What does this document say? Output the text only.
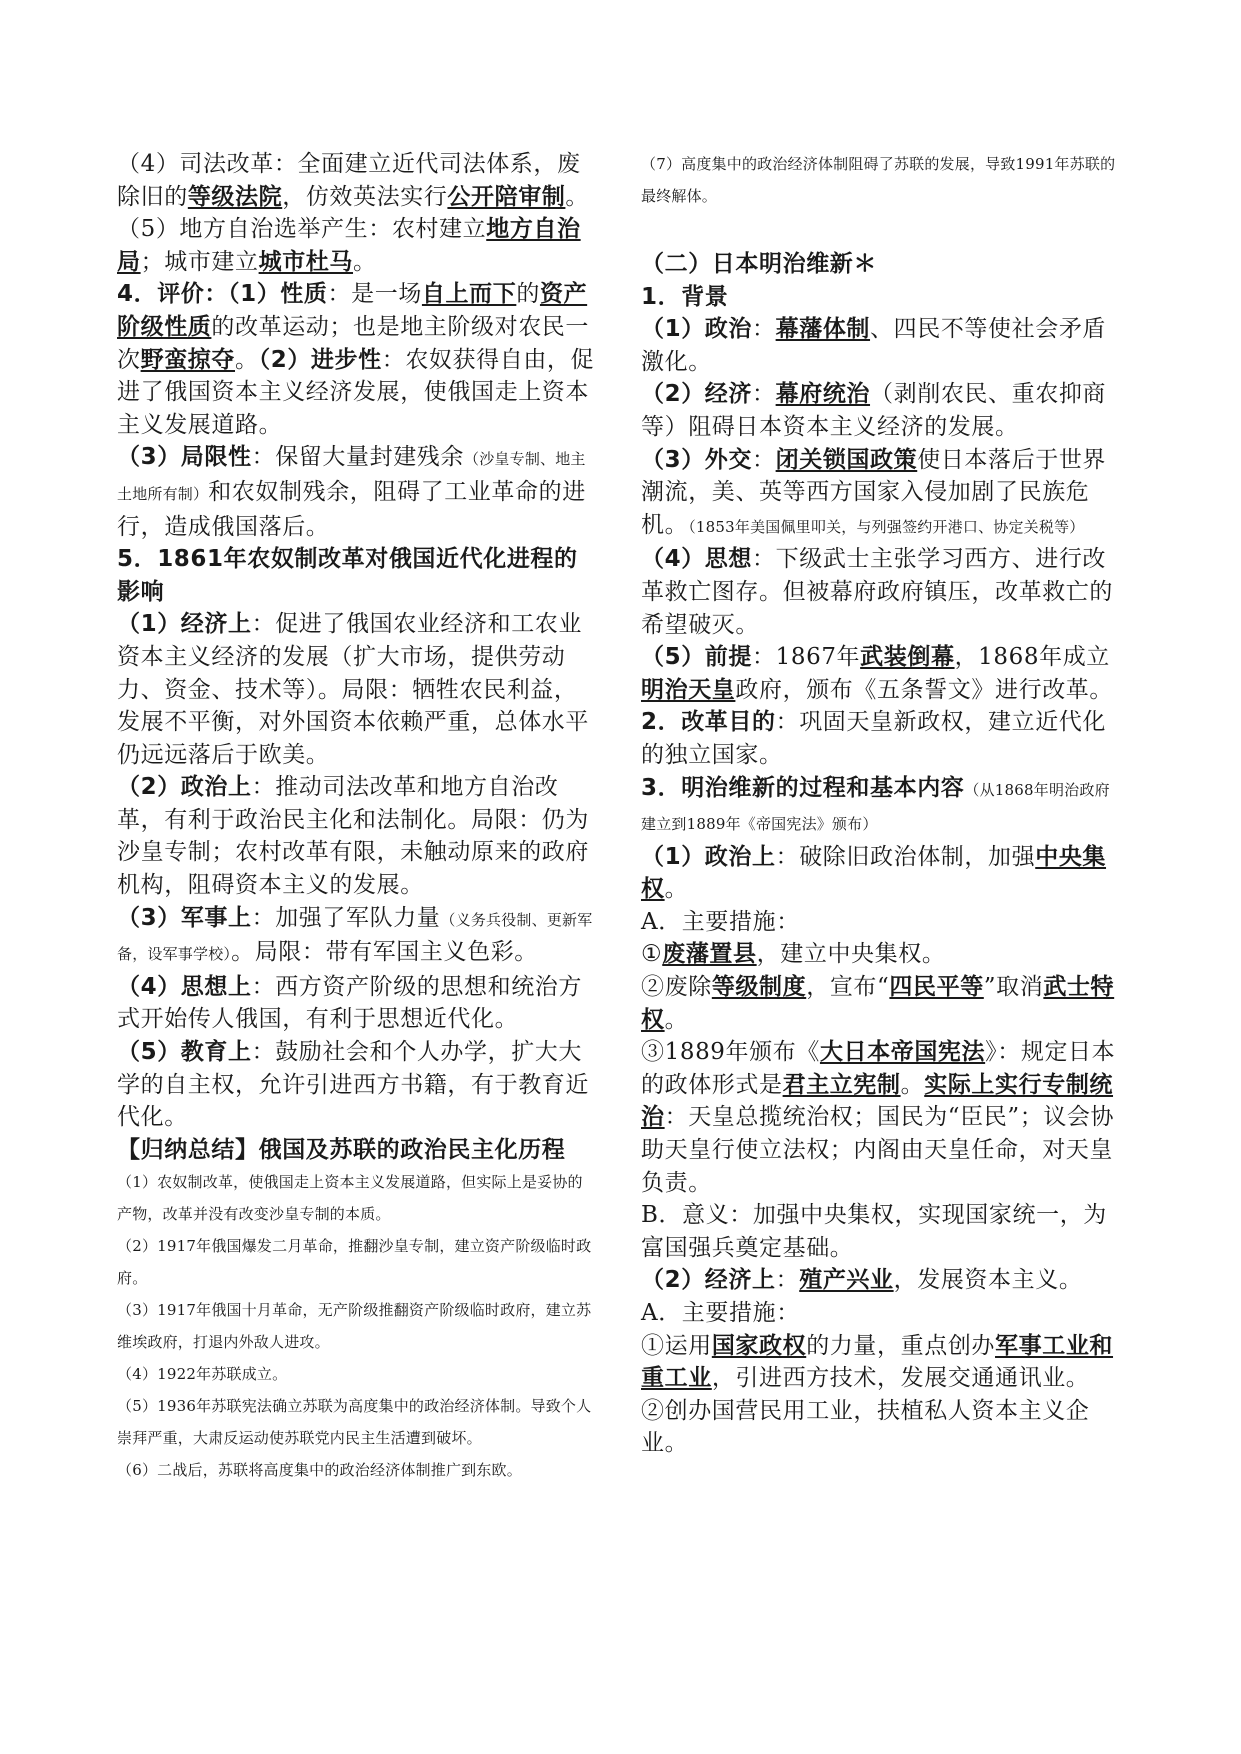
（4）司法改革：全面建立近代司法体系，废除旧的等级法院，仿效英法实行公开陪审制。

（5）地方自治选举产生：农村建立地方自治局；城市建立城市杜马。

4．评价：（1）性质：是一场自上而下的资产阶级性质的改革运动；也是地主阶级对农民一次野蛮掠夺。（2）进步性：农奴获得自由，促进了俄国资本主义经济发展，使俄国走上资本主义发展道路。

（3）局限性：保留大量封建残余（沙皇专制、地主土地所有制）和农奴制残余，阻碍了工业革命的进行，造成俄国落后。

5．1861年农奴制改革对俄国近代化进程的影响

（1）经济上：促进了俄国农业经济和工农业资本主义经济的发展（扩大市场，提供劳动力、资金、技术等）。局限：牺牲农民利益，发展不平衡，对外国资本依赖严重，总体水平仍远远落后于欧美。

（2）政治上：推动司法改革和地方自治改革，有利于政治民主化和法制化。局限：仍为沙皇专制；农村改革有限，未触动原来的政府机构，阻碍资本主义的发展。

（3）军事上：加强了军队力量（义务兵役制、更新军备，设军事学校）。局限：带有军国主义色彩。

（4）思想上：西方资产阶级的思想和统治方式开始传人俄国，有利于思想近代化。

（5）教育上：鼓励社会和个人办学，扩大大学的自主权，允许引进西方书籍，有于教育近代化。

【归纳总结】俄国及苏联的政治民主化历程

（1）农奴制改革，使俄国走上资本主义发展道路，但实际上是妥协的产物，改革并没有改变沙皇专制的本质。

（2）1917年俄国爆发二月革命，推翻沙皇专制，建立资产阶级临时政府。

（3）1917年俄国十月革命，无产阶级推翻资产阶级临时政府，建立苏维埃政府，打退内外敌人进攻。

（4）1922年苏联成立。

（5）1936年苏联宪法确立苏联为高度集中的政治经济体制。导致个人崇拜严重，大肃反运动使苏联党内民主生活遭到破坏。

（6）二战后，苏联将高度集中的政治经济体制推广到东欧。

（7）高度集中的政治经济体制阻碍了苏联的发展，导致1991年苏联的最终解体。

（二）日本明治维新＊

1．背景

（1）政治：幕藩体制、四民不等使社会矛盾激化。

（2）经济：幕府统治（剥削农民、重农抑商等）阻碍日本资本主义经济的发展。

（3）外交：闭关锁国政策使日本落后于世界潮流，美、英等西方国家入侵加剧了民族危机。（1853年美国佩里叩关，与列强签约开港口、协定关税等）

（4）思想：下级武士主张学习西方、进行改革救亡图存。但被幕府政府镇压，改革救亡的希望破灭。

（5）前提：1867年武装倒幕，1868年成立明治天皇政府，颁布《五条誓文》进行改革。

2．改革目的：巩固天皇新政权，建立近代化的独立国家。

3．明治维新的过程和基本内容（从1868年明治政府建立到1889年《帝国宪法》颁布）

（1）政治上：破除旧政治体制，加强中央集权。

A．主要措施：

①废藩置县，建立中央集权。

②废除等级制度，宣布“四民平等”取消武士特权。

③1889年颁布《大日本帝国宪法》：规定日本的政体形式是君主立宪制。实际上实行专制统治：天皇总揽统治权；国民为“臣民”；议会协助天皇行使立法权；内阁由天皇任命，对天皇负责。

B．意义：加强中央集权，实现国家统一，为富国强兵奠定基础。

（2）经济上：殖产兴业，发展资本主义。

A．主要措施：

①运用国家政权的力量，重点创办军事工业和重工业，引进西方技术，发展交通通讯业。

②创办国营民用工业，扶植私人资本主义企业。
